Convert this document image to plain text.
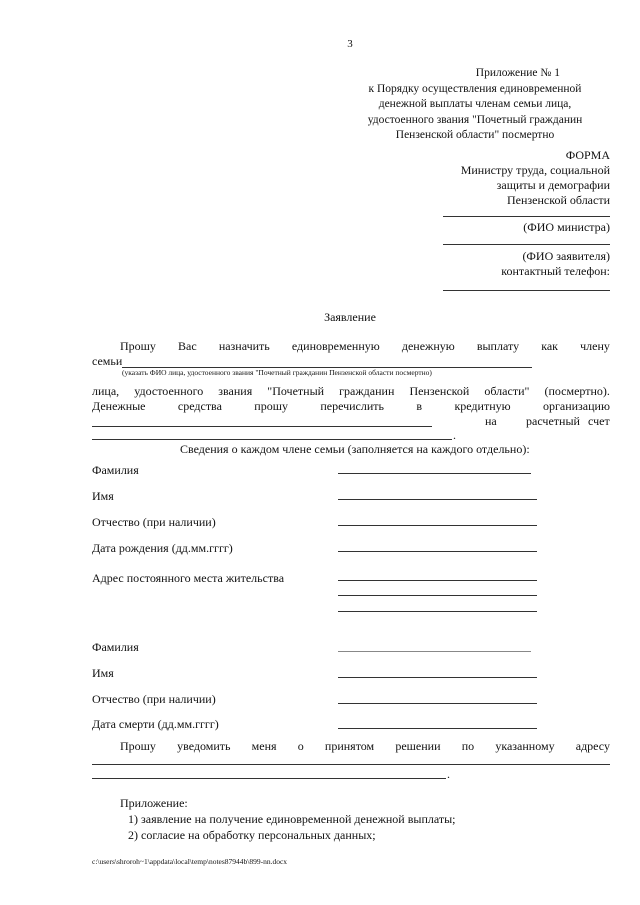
3
Приложение № 1
к Порядку осуществления единовременной
денежной выплаты членам семьи лица,
удостоенного звания "Почетный гражданин
Пензенской области" посмертно
ФОРМА
Министру труда, социальной
защиты и демографии
Пензенской области
(ФИО министра)
(ФИО заявителя)
контактный телефон:
Заявление
Прошу Вас назначить единовременную денежную выплату как члену
семьи
(указать ФИО лица, удостоенного звания "Почетный гражданин Пензенской области посмертно)
лица, удостоенного звания "Почетный гражданин Пензенской области" (посмертно).
Денежные	средства	прошу	перечислить	в	кредитную	организацию
на расчетный счет
.
Сведения о каждом члене семьи (заполняется на каждого отдельно):
Фамилия
Имя
Отчество (при наличии)
Дата рождения (дд.мм.гггг)
Адрес постоянного места жительства
Фамилия
Имя
Отчество (при наличии)
Дата смерти (дд.мм.гггг)
Прошу уведомить меня о принятом решении по указанному адресу
.
Приложение:
1) заявление на получение единовременной денежной выплаты;
2) согласие на обработку персональных данных;
c:\users\shroroh~1\appdata\local\temp\notes87944b\899-nn.docx
